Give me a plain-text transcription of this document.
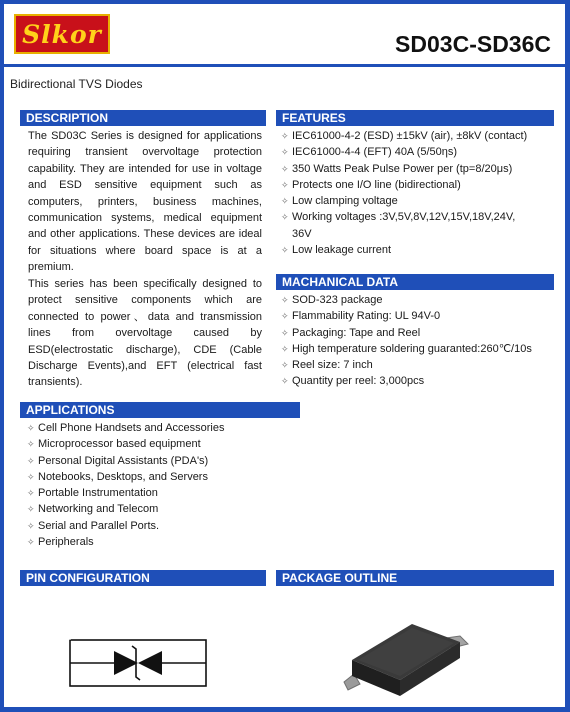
Slkor	SD03C-SD36C
Bidirectional TVS Diodes
DESCRIPTION
The SD03C Series is designed for applications requiring transient overvoltage protection capability. They are intended for use in voltage and ESD sensitive equipment such as computers, printers, business machines, communication systems, medical equipment and other applications. These devices are ideal for situations where board space is at a premium.
This series has been specifically designed to protect sensitive components which are connected to power、data and transmission lines from overvoltage caused by ESD(electrostatic discharge), CDE (Cable Discharge Events),and EFT (electrical fast transients).
FEATURES
✧ IEC61000-4-2 (ESD) ±15kV (air), ±8kV (contact)
✧ IEC61000-4-4 (EFT) 40A (5/50ηs)
✧ 350 Watts Peak Pulse Power per (tp=8/20μs)
✧ Protects one I/O line (bidirectional)
✧ Low clamping voltage
✧ Working voltages :3V,5V,8V,12V,15V,18V,24V,
36V
✧ Low leakage current
MACHANICAL DATA
✧ SOD-323 package
✧ Flammability Rating: UL 94V-0
✧ Packaging: Tape and Reel
✧ High temperature soldering guaranted:260℃/10s
✧ Reel size: 7 inch
✧ Quantity per reel: 3,000pcs
APPLICATIONS
✧ Cell Phone Handsets and Accessories
✧ Microprocessor based equipment
✧ Personal Digital Assistants (PDA's)
✧ Notebooks, Desktops, and Servers
✧ Portable Instrumentation
✧ Networking and Telecom
✧ Serial and Parallel Ports.
✧ Peripherals
PIN CONFIGURATION	PACKAGE OUTLINE
